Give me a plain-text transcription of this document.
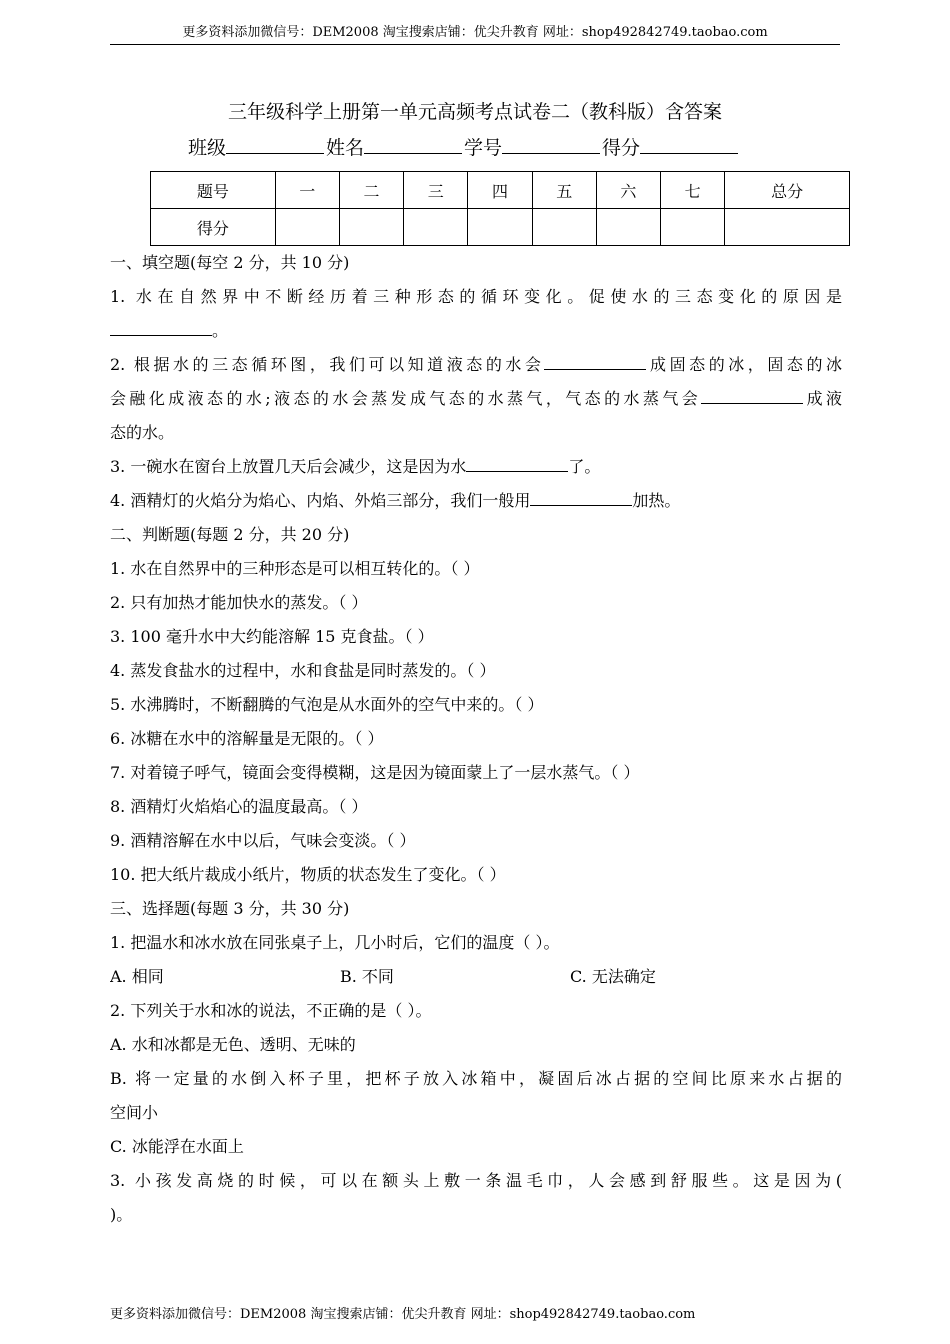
更多资料添加微信号：DEM2008 淘宝搜索店铺：优尖升教育 网址：shop492842749.taobao.com
三年级科学上册第一单元高频考点试卷二（教科版）含答案
班级	姓名	学号	得分
题号	一	二	三	四	五	六	七	总分
得分								
一、填空题(每空 2 分，共 10 分)
1. 水在自然界中不断经历着三种形态的循环变化。促使水的三态变化的原因是
。
2. 根据水的三态循环图，我们可以知道液态的水会	成固态的冰，固态的冰
会融化成液态的水;液态的水会蒸发成气态的水蒸气，气态的水蒸气会	成液
态的水。
3. 一碗水在窗台上放置几天后会减少，这是因为水	了。
4. 酒精灯的火焰分为焰心、内焰、外焰三部分，我们一般用	加热。
二、判断题(每题 2 分，共 20 分)
1. 水在自然界中的三种形态是可以相互转化的。（ ）
2. 只有加热才能加快水的蒸发。（ ）
3. 100 毫升水中大约能溶解 15 克食盐。（ ）
4. 蒸发食盐水的过程中，水和食盐是同时蒸发的。（ ）
5. 水沸腾时，不断翻腾的气泡是从水面外的空气中来的。（ ）
6. 冰糖在水中的溶解量是无限的。（ ）
7. 对着镜子呼气，镜面会变得模糊，这是因为镜面蒙上了一层水蒸气。（ ）
8. 酒精灯火焰焰心的温度最高。（ ）
9. 酒精溶解在水中以后，气味会变淡。（ ）
10. 把大纸片裁成小纸片，物质的状态发生了变化。（ ）
三、选择题(每题 3 分，共 30 分)
1. 把温水和冰水放在同张桌子上，几小时后，它们的温度（ ）。
A. 相同	B. 不同	C. 无法确定
2. 下列关于水和冰的说法，不正确的是（ ）。
A. 水和冰都是无色、透明、无味的
B. 将一定量的水倒入杯子里，把杯子放入冰箱中，凝固后冰占据的空间比原来水占据的
空间小
C. 冰能浮在水面上
3. 小孩发高烧的时候，可以在额头上敷一条温毛巾，人会感到舒服些。这是因为(
)。
更多资料添加微信号：DEM2008 淘宝搜索店铺：优尖升教育 网址：shop492842749.taobao.com
